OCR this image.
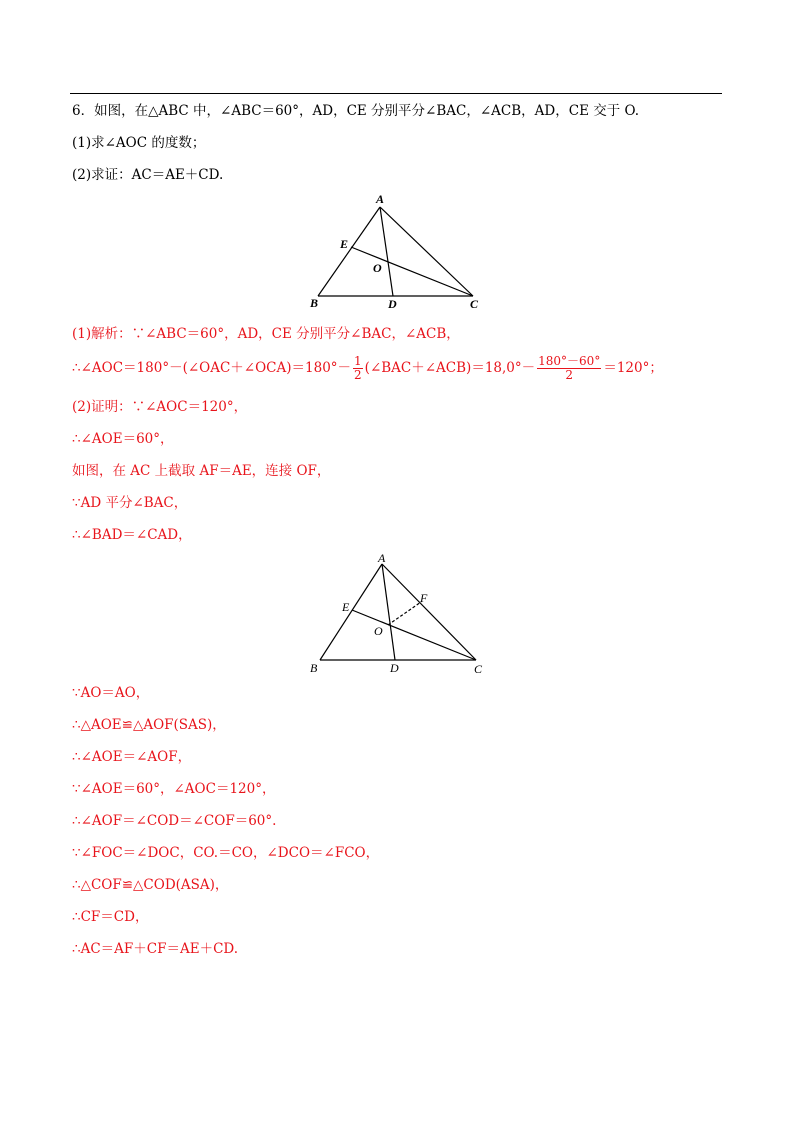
6．如图，在△ABC 中，∠ABC＝60°，AD，CE 分别平分∠BAC，∠ACB，AD，CE 交于 O.
(1)求∠AOC 的度数；
(2)求证：AC＝AE＋CD.
A
B	C
D
E
O
(1)解析：∵∠ABC＝60°，AD，CE 分别平分∠BAC，∠ACB，
∴∠AOC＝180°－(∠OAC＋∠OCA)＝180°－ $\frac{1}{2}$ (∠BAC＋∠ACB)＝18,0°－ $\frac{180^\circ-60^\circ}{2} =120^\circ$；
(2)证明：∵∠AOC＝120°，
∴∠AOE＝60°，
如图，在 AC 上截取 AF＝AE，连接 OF，
∵AD 平分∠BAC，
∴∠BAD＝∠CAD，
A
B	C
D
E
F
O
∵AO＝AO，
∴△AOE≌△AOF(SAS)，
∴∠AOE＝∠AOF，
∵∠AOE＝60°，∠AOC＝120°，
∴∠AOF＝∠COD＝∠COF＝60°.
∵∠FOC＝∠DOC，CO.＝CO，∠DCO＝∠FCO，
∴△COF≌△COD(ASA)，
∴CF＝CD，
∴AC＝AF＋CF＝AE＋CD.
